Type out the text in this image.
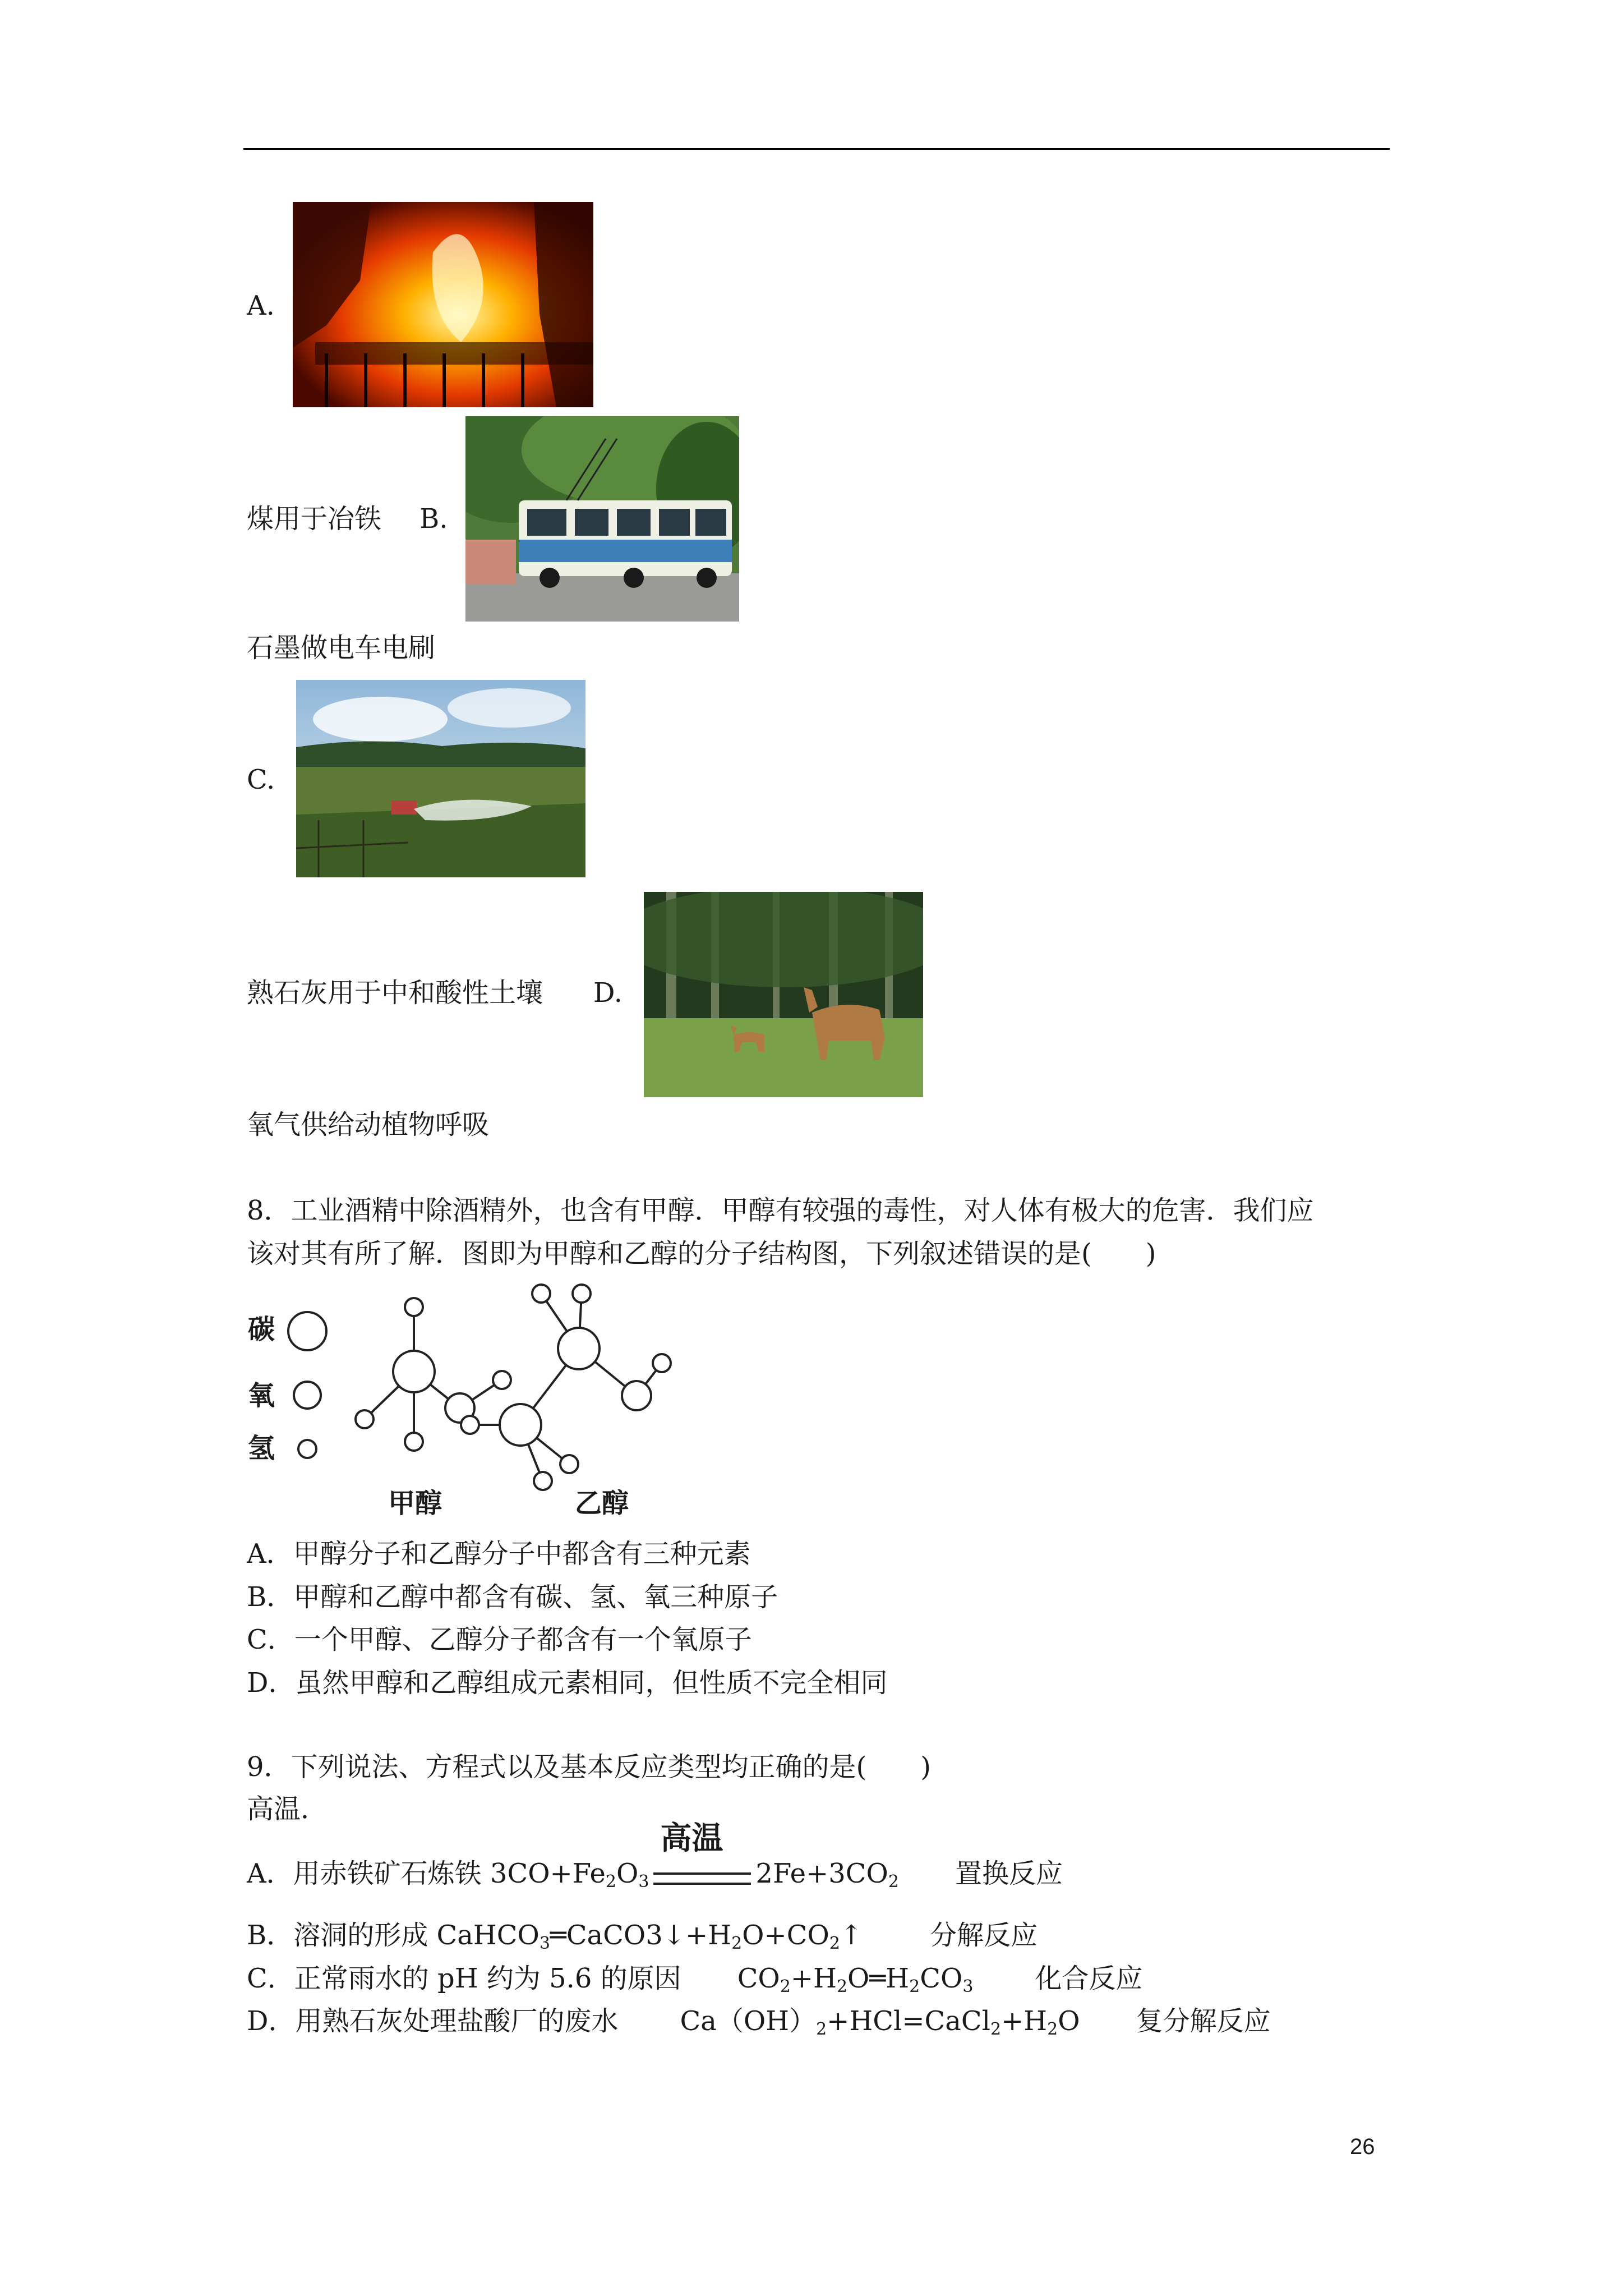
A.
煤用于冶铁 B.
石墨做电车电刷
C.
熟石灰用于中和酸性土壤 D.
氧气供给动植物呼吸
8．工业酒精中除酒精外，也含有甲醇．甲醇有较强的毒性，对人体有极大的危害．我们应
该对其有所了解．图即为甲醇和乙醇的分子结构图，下列叙述错误的是(　　)
碳
氧
氢
甲醇	乙醇
A．甲醇分子和乙醇分子中都含有三种元素
B．甲醇和乙醇中都含有碳、氢、氧三种原子
C．一个甲醇、乙醇分子都含有一个氧原子
D．虽然甲醇和乙醇组成元素相同，但性质不完全相同
9．下列说法、方程式以及基本反应类型均正确的是(　　)
高温．
A．用赤铁矿石炼铁 $3CO+Fe_2O_3$
高温
$2Fe+3CO_2$ 置换反应
B．溶洞的形成 $CaHCO_3═CaCO3↓+H_2O+CO_2↑$	分解反应
C．正常雨水的 pH 约为 5.6 的原因 $CO_2+H_2O═H_2CO_3$ 化合反应
D．用熟石灰处理盐酸厂的废水 $Ca(OH)_2+HCl=CaCl_2+H_2O$ 复分解反应
26
